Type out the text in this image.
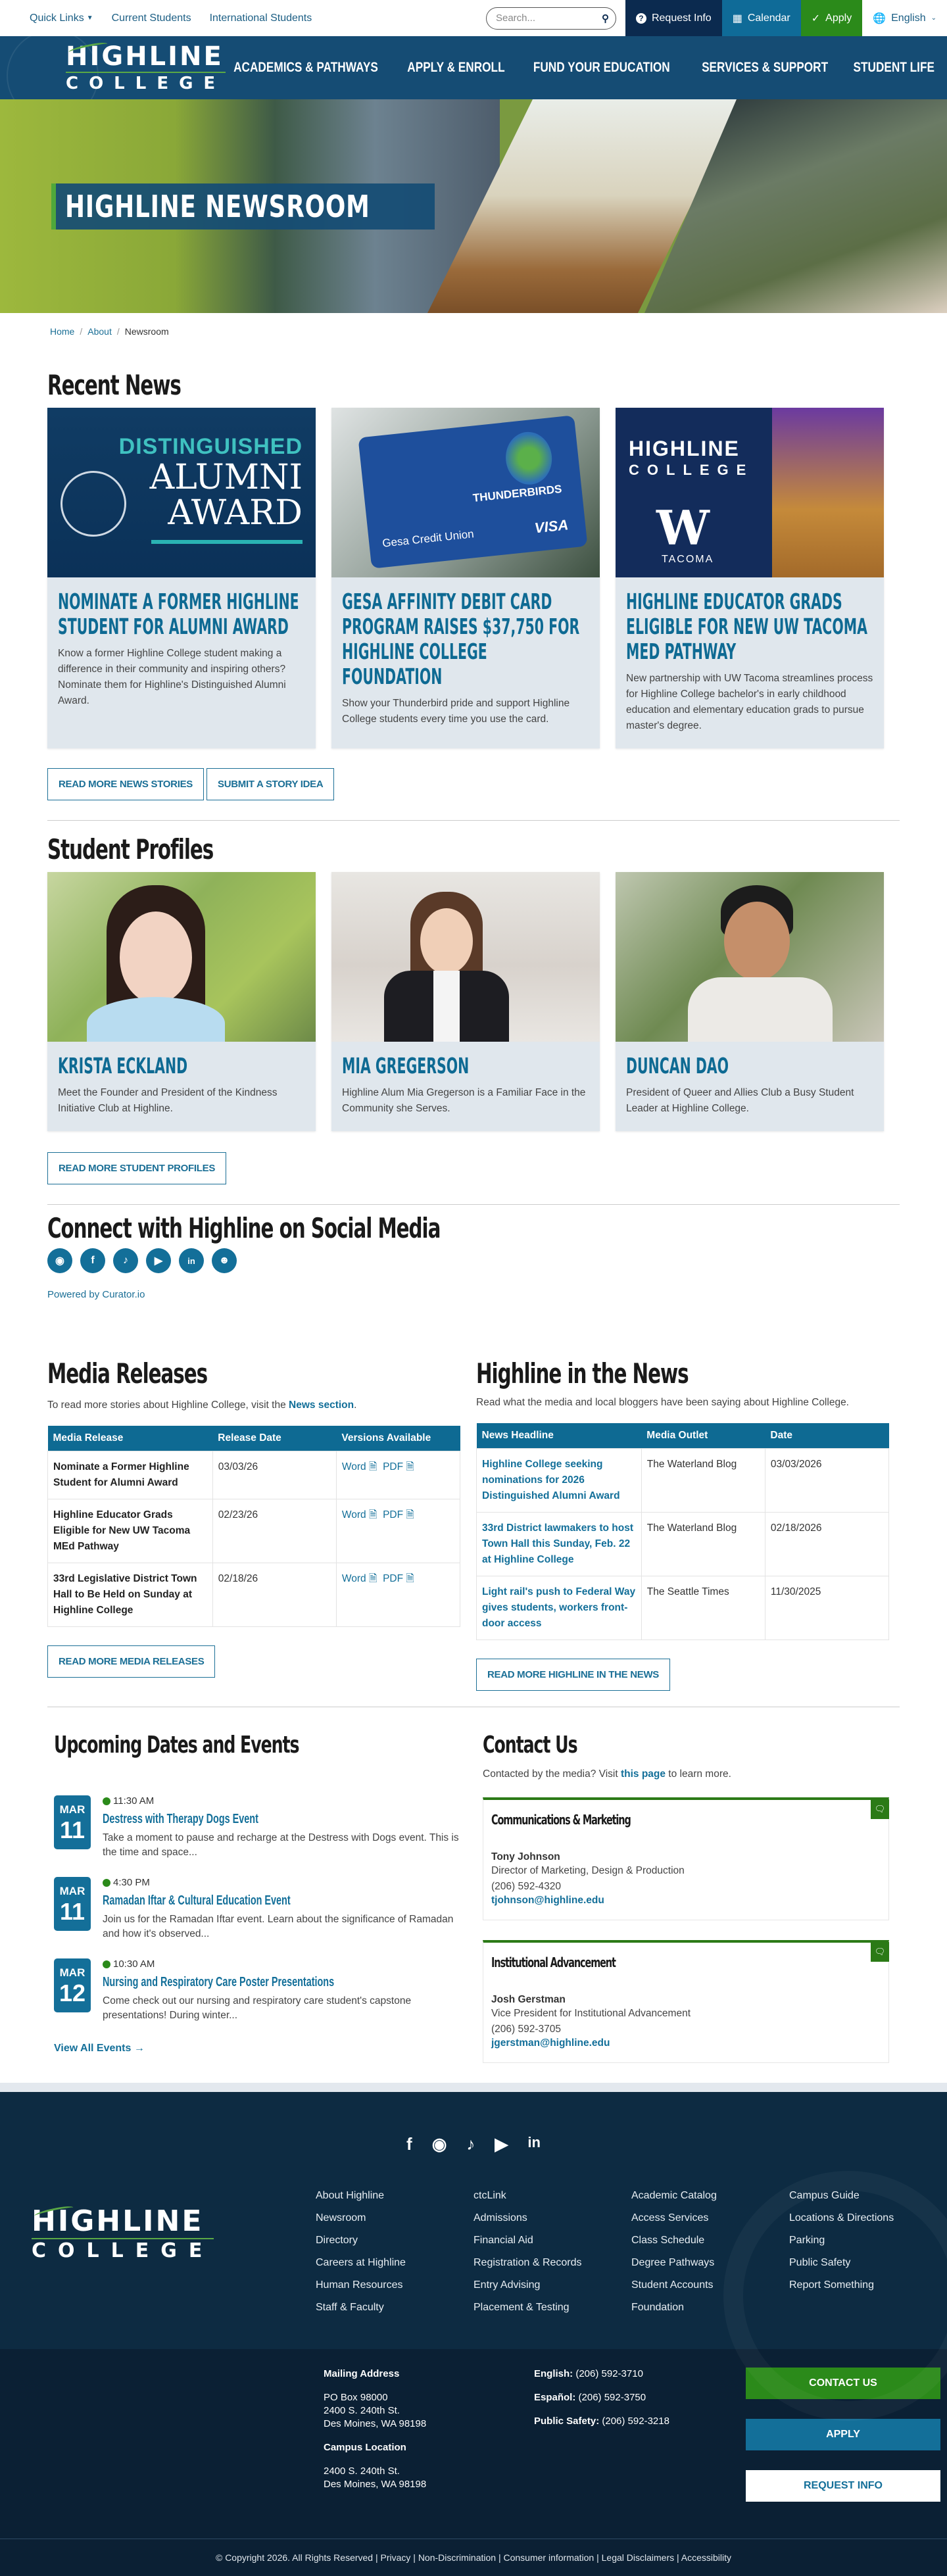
Quick Links ▼ Current Students International Students	Search...	⚲	? Request Info ▦ Calendar ✓ Apply 🌐 English ⌄
HIGHLINE
COLLEGE
ACADEMICS & PATHWAYS APPLY & ENROLL FUND YOUR EDUCATION SERVICES & SUPPORT STUDENT LIFE
HIGHLINE NEWSROOM
Home / About / Newsroom
Recent News
DISTINGUISHED
ALUMNI
AWARD
NOMINATE A FORMER HIGHLINE STUDENT FOR ALUMNI AWARD

Know a former Highline College student making a difference in their community and inspiring others? Nominate them for Highline's Distinguished Alumni Award.

THUNDERBIRDS
Gesa Credit Union
VISA
GESA AFFINITY DEBIT CARD PROGRAM RAISES $37,750 FOR HIGHLINE COLLEGE FOUNDATION

Show your Thunderbird pride and support Highline College students every time you use the card.

HIGHLINE
COLLEGE
W
TACOMA
HIGHLINE EDUCATOR GRADS ELIGIBLE FOR NEW UW TACOMA MED PATHWAY

New partnership with UW Tacoma streamlines process for Highline College bachelor's in early childhood education and elementary education grads to pursue master's degree.

READ MORE NEWS STORIES	SUBMIT A STORY IDEA
Student Profiles
KRISTA ECKLAND

Meet the Founder and President of the Kindness Initiative Club at Highline.

MIA GREGERSON

Highline Alum Mia Gregerson is a Familiar Face in the Community she Serves.

DUNCAN DAO

President of Queer and Allies Club a Busy Student Leader at Highline College.

READ MORE STUDENT PROFILES
Connect with Highline on Social Media
◉	f	♪	▶	in	☻
Powered by Curator.io
Media Releases

To read more stories about Highline College, visit the News section.

Media Release	Release Date	Versions Available
Nominate a Former Highline Student for Alumni Award	03/03/26	Word 🗎 PDF 🗎
Highline Educator Grads Eligible for New UW Tacoma MEd Pathway	02/23/26	Word 🗎 PDF 🗎
33rd Legislative District Town Hall to Be Held on Sunday at Highline College	02/18/26	Word 🗎 PDF 🗎
READ MORE MEDIA RELEASES
Highline in the News

Read what the media and local bloggers have been saying about Highline College.

News Headline	Media Outlet	Date
Highline College seeking nominations for 2026 Distinguished Alumni Award	The Waterland Blog	03/03/2026
33rd District lawmakers to host Town Hall this Sunday, Feb. 22 at Highline College	The Waterland Blog	02/18/2026
Light rail's push to Federal Way gives students, workers front-door access	The Seattle Times	11/30/2025
READ MORE HIGHLINE IN THE NEWS
Upcoming Dates and Events
MAR
11
11:30 AM
Destress with Therapy Dogs Event
Take a moment to pause and recharge at the Destress with Dogs event. This is the time and space...
MAR
11
4:30 PM
Ramadan Iftar & Cultural Education Event
Join us for the Ramadan Iftar event. Learn about the significance of Ramadan and how it's observed...
MAR
12
10:30 AM
Nursing and Respiratory Care Poster Presentations
Come check out our nursing and respiratory care student's capstone presentations! During winter...
View All Events →
Contact Us

Contacted by the media? Visit this page to learn more.

🗨
Communications & Marketing
Tony Johnson
Director of Marketing, Design & Production
(206) 592-4320
tjohnson@highline.edu
🗨
Institutional Advancement
Josh Gerstman
Vice President for Institutional Advancement
(206) 592-3705
jgerstman@highline.edu
f ◉ ♪ ▶ in
HIGHLINE
COLLEGE
About Highline
Newsroom
Directory
Careers at Highline
Human Resources
Staff & Faculty
ctcLink
Admissions
Financial Aid
Registration & Records
Entry Advising
Placement & Testing
Academic Catalog
Access Services
Class Schedule
Degree Pathways
Student Accounts
Foundation
Campus Guide
Locations & Directions
Parking
Public Safety
Report Something
Mailing Address
PO Box 98000
2400 S. 240th St.
Des Moines, WA 98198
Campus Location
2400 S. 240th St.
Des Moines, WA 98198
English: (206) 592-3710
Español: (206) 592-3750
Public Safety: (206) 592-3218
CONTACT US
APPLY
REQUEST INFO
© Copyright 2026. All Rights Reserved | Privacy | Non-Discrimination | Consumer information | Legal Disclaimers | Accessibility
